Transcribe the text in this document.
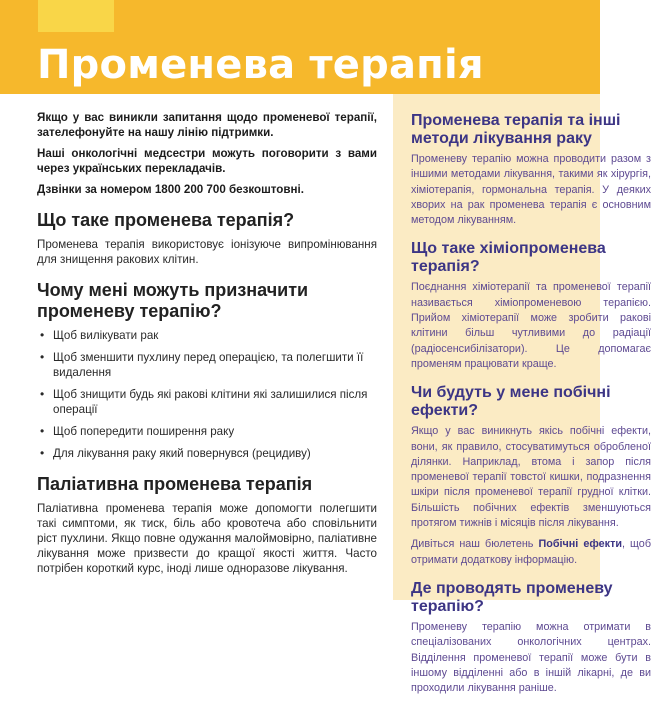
Променева терапія

Якщо у вас виникли запитання щодо променевої терапії, зателефонуйте на нашу лінію підтримки.

Наші онкологічні медсестри можуть поговорити з вами через українських перекладачів.

Дзвінки за номером 1800 200 700 безкоштовні.

Що таке променева терапія?

Променева терапія використовує іонізуюче випромінювання для знищення ракових клітин.

Чому мені можуть призначити променеву терапію?
• Щоб вилікувати рак
• Щоб зменшити пухлину перед операцією, та полегшити її видалення
• Щоб знищити будь які ракові клітини які залишилися після операції
• Щоб попередити поширення раку
• Для лікування раку який повернувся (рецидиву)
Паліативна променева терапія

Паліативна променева терапія може допомогти полегшити такі симптоми, як тиск, біль або кровотеча або сповільнити ріст пухлини. Якщо повне одужання малоймовірно, паліативне лікування може призвести до кращої якості життя. Часто потрібен короткий курс, іноді лише одноразове лікування.

Променева терапія та інші методи лікування раку

Променеву терапію можна проводити разом з іншими методами лікування, такими як хірургія, хіміотерапія, гормональна терапія. У деяких хворих на рак променева терапія є основним методом лікуванням.

Що таке хіміопроменева терапія?

Поєднання хіміотерапії та променевої терапії називається хіміопроменевою терапією. Прийом хіміотерапії може зробити ракові клітини більш чутливими до радіації (радіосенсибілізатори). Це допомагає променям працювати краще.

Чи будуть у мене побічні ефекти?

Якщо у вас виникнуть якісь побічні ефекти, вони, як правило, стосуватимуться обробленої ділянки. Наприклад, втома і запор після променевої терапії товстої кишки, подразнення шкіри після променевої терапії грудної клітки. Більшість побічних ефектів зменшуються протягом тижнів і місяців після лікування.

Дивіться наш бюлетень Побічні ефекти, щоб отримати додаткову інформацію.

Де проводять променеву терапію?

Променеву терапію можна отримати в спеціалізованих онкологічних центрах. Відділення променевої терапії може бути в іншому відділенні або в іншій лікарні, де ви проходили лікування раніше.
